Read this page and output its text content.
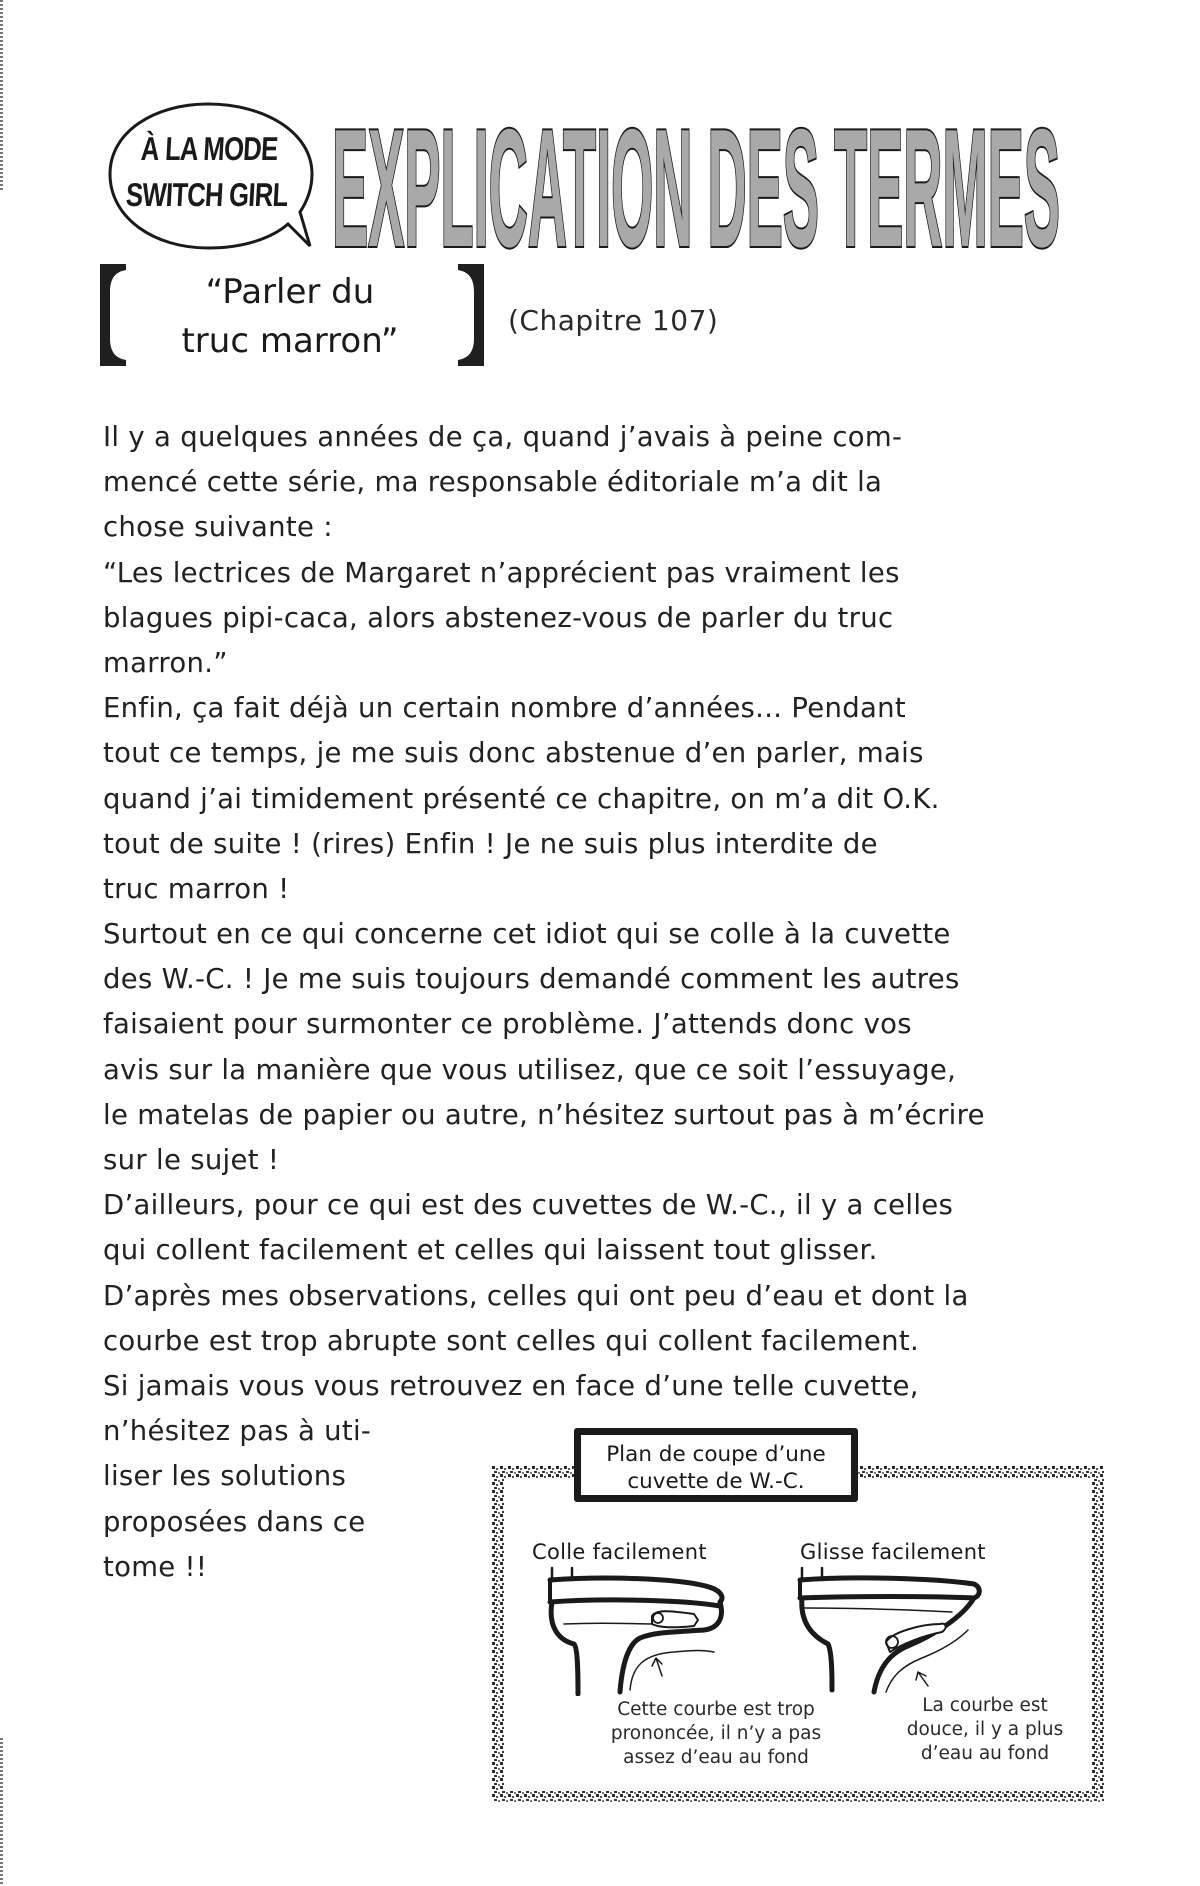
À LA MODE
SWITCH GIRL EXPLICATION DES TERMES
“Parler du
truc marron”
(Chapitre 107)
Il y a quelques années de ça, quand j’avais à peine com-
mencé cette série, ma responsable éditoriale m’a dit la
chose suivante :
“Les lectrices de Margaret n’apprécient pas vraiment les
blagues pipi-caca, alors abstenez-vous de parler du truc
marron.”
Enfin, ça fait déjà un certain nombre d’années... Pendant
tout ce temps, je me suis donc abstenue d’en parler, mais
quand j’ai timidement présenté ce chapitre, on m’a dit O.K.
tout de suite ! (rires) Enfin ! Je ne suis plus interdite de
truc marron !
Surtout en ce qui concerne cet idiot qui se colle à la cuvette
des W.-C. ! Je me suis toujours demandé comment les autres
faisaient pour surmonter ce problème. J’attends donc vos
avis sur la manière que vous utilisez, que ce soit l’essuyage,
le matelas de papier ou autre, n’hésitez surtout pas à m’écrire
sur le sujet !
D’ailleurs, pour ce qui est des cuvettes de W.-C., il y a celles
qui collent facilement et celles qui laissent tout glisser.
D’après mes observations, celles qui ont peu d’eau et dont la
courbe est trop abrupte sont celles qui collent facilement.
Si jamais vous vous retrouvez en face d’une telle cuvette,
n’hésitez pas à uti-
liser les solutions
proposées dans ce
tome !!
Plan de coupe d’une
cuvette de W.-C.
Colle facilement	Glisse facilement
Cette courbe est trop
prononcée, il n’y a pas
assez d’eau au fond
La courbe est
douce, il y a plus
d’eau au fond
